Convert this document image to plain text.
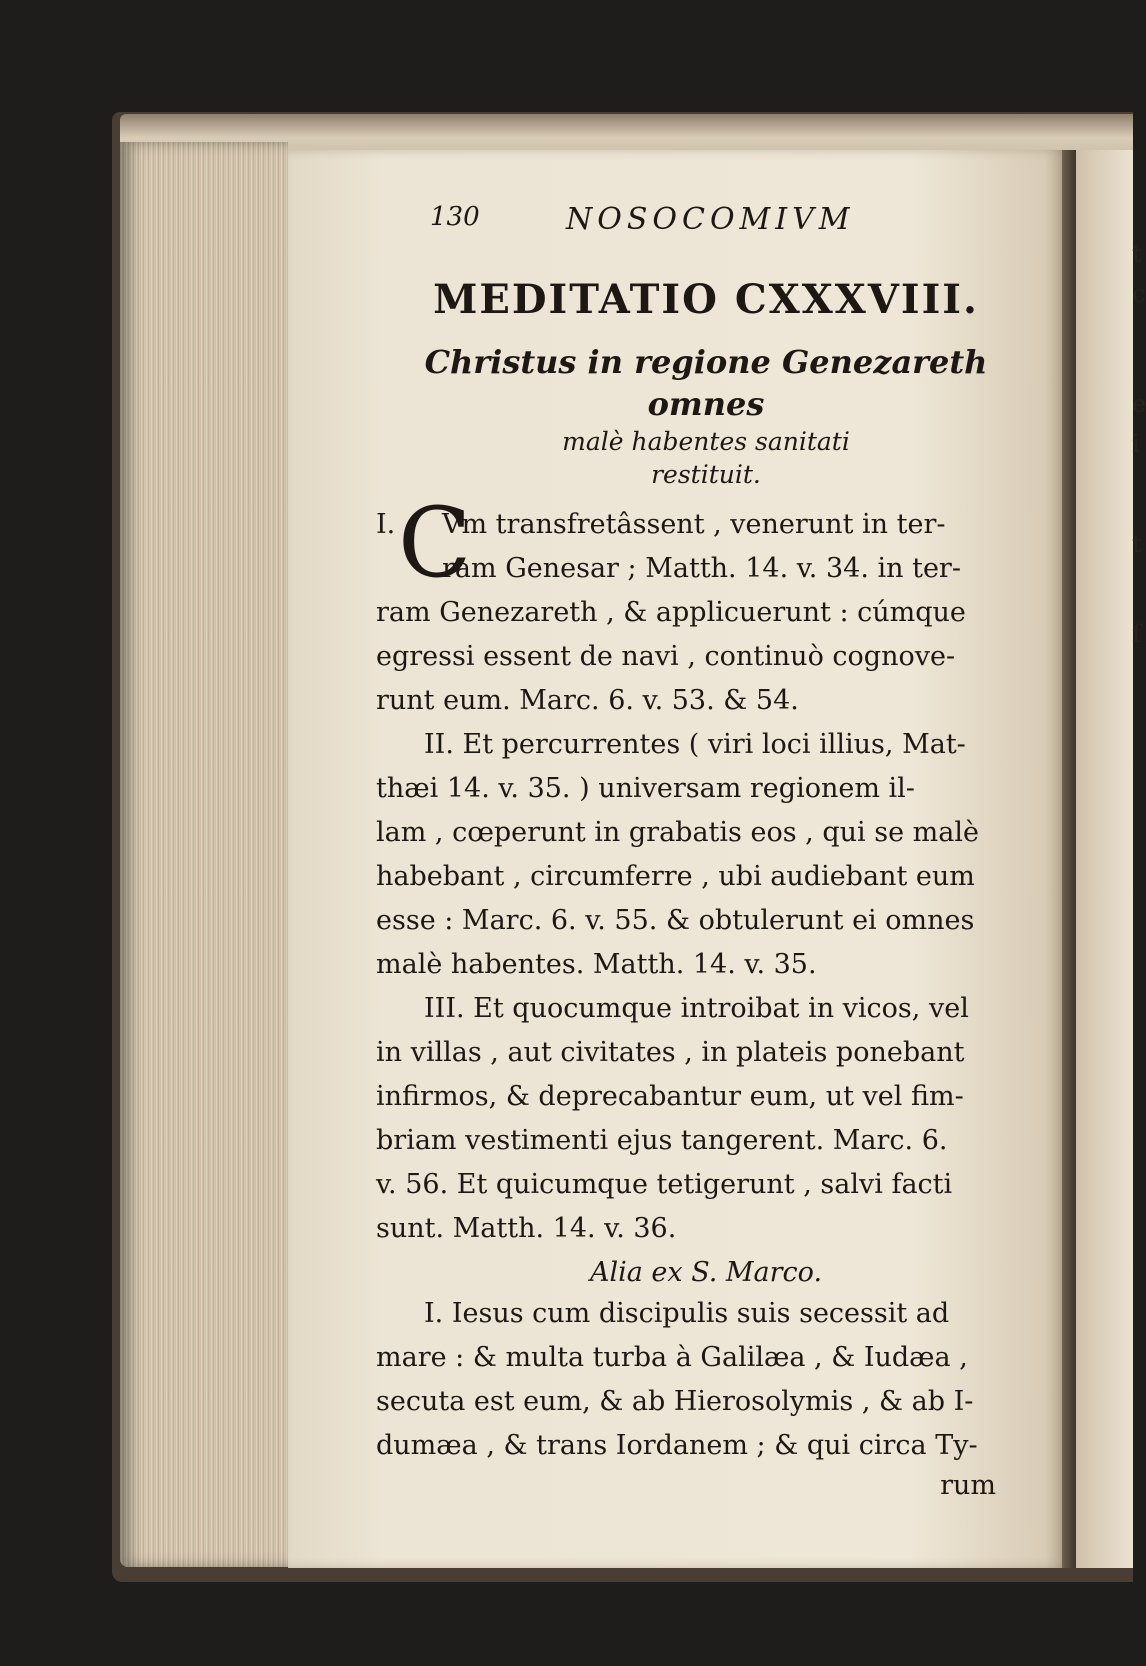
t
c
e
i
t
f
130	NOSOCOMIVM
MEDITATIO CXXXVIII.
Christus in regione Genezareth omnes
malè habentes sanitati
restituit.
I. C
Vm transfretâssent , venerunt in ter-
ram Genesar ; Matth. 14. v. 34. in ter-
ram Genezareth , & applicuerunt : cúmque
egressi essent de navi , continuò cognove-
runt eum. Marc. 6. v. 53. & 54.
II. Et percurrentes ( viri loci illius, Mat-
thæi 14. v. 35. ) universam regionem il-
lam , cœperunt in grabatis eos , qui se malè
habebant , circumferre , ubi audiebant eum
esse : Marc. 6. v. 55. & obtulerunt ei omnes
malè habentes. Matth. 14. v. 35.
III. Et quocumque introibat in vicos, vel
in villas , aut civitates , in plateis ponebant
infirmos, & deprecabantur eum, ut vel fim-
briam vestimenti ejus tangerent. Marc. 6.
v. 56. Et quicumque tetigerunt , salvi facti
sunt. Matth. 14. v. 36.
Alia ex S. Marco.
I. Iesus cum discipulis suis secessit ad
mare : & multa turba à Galilæa , & Iudæa ,
secuta est eum, & ab Hierosolymis , & ab I-
dumæa , & trans Iordanem ; & qui circa Ty-
rum
